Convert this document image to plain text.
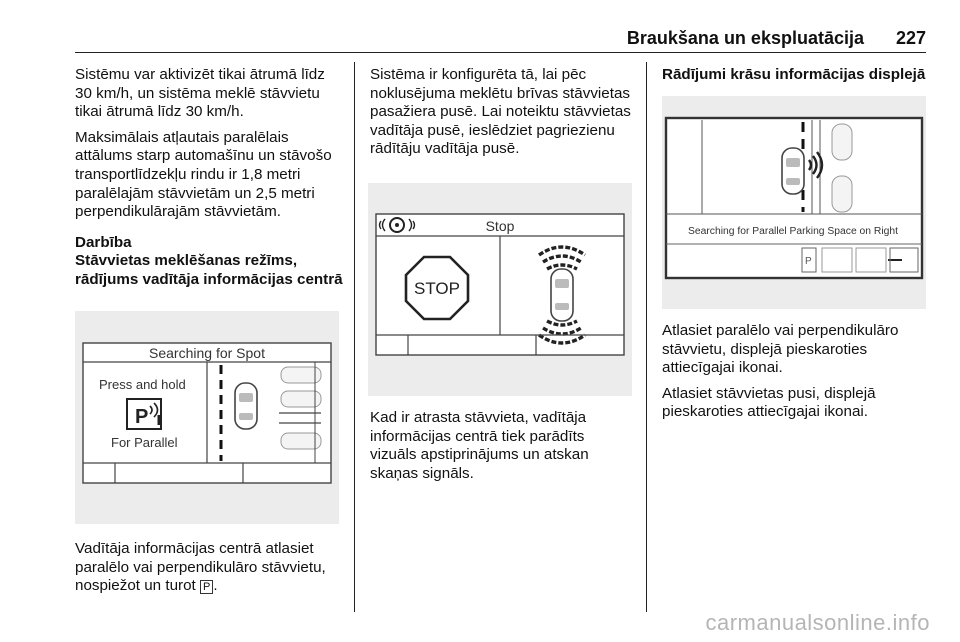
Braukšana un ekspluatācija 227

Sistēmu var aktivizēt tikai ātrumā līdz 30 km/h, un sistēma meklē stāvvietu tikai ātrumā līdz 30 km/h.

Maksimālais atļautais paralēlais attālums starp automašīnu un stāvošo transportlīdzekļu rindu ir 1,8 metri paralēlajām stāvvietām un 2,5 metri perpendikulārajām stāvvietām.

Darbība
Stāvvietas meklēšanas režīms, rādījums vadītāja informācijas centrā
Searching for Spot
Press and hold
P
For Parallel

Vadītāja informācijas centrā atlasiet paralēlo vai perpendikulāro stāvvietu, nospiežot un turot P .

Sistēma ir konfigurēta tā, lai pēc noklusējuma meklētu brīvas stāvvietas pasažiera pusē. Lai noteiktu stāvvietas vadītāja pusē, ieslēdziet pagriezienu rādītāju vadītāja pusē.

Stop
STOP

Kad ir atrasta stāvvieta, vadītāja informācijas centrā tiek parādīts vizuāls apstiprinājums un atskan skaņas signāls.

Rādījumi krāsu informācijas displejā
Searching for Parallel Parking Space on Right
P

Atlasiet paralēlo vai perpendikulāro stāvvietu, displejā pieskaroties attiecīgajai ikonai.

Atlasiet stāvvietas pusi, displejā pieskaroties attiecīgajai ikonai.

carmanualsonline.info
